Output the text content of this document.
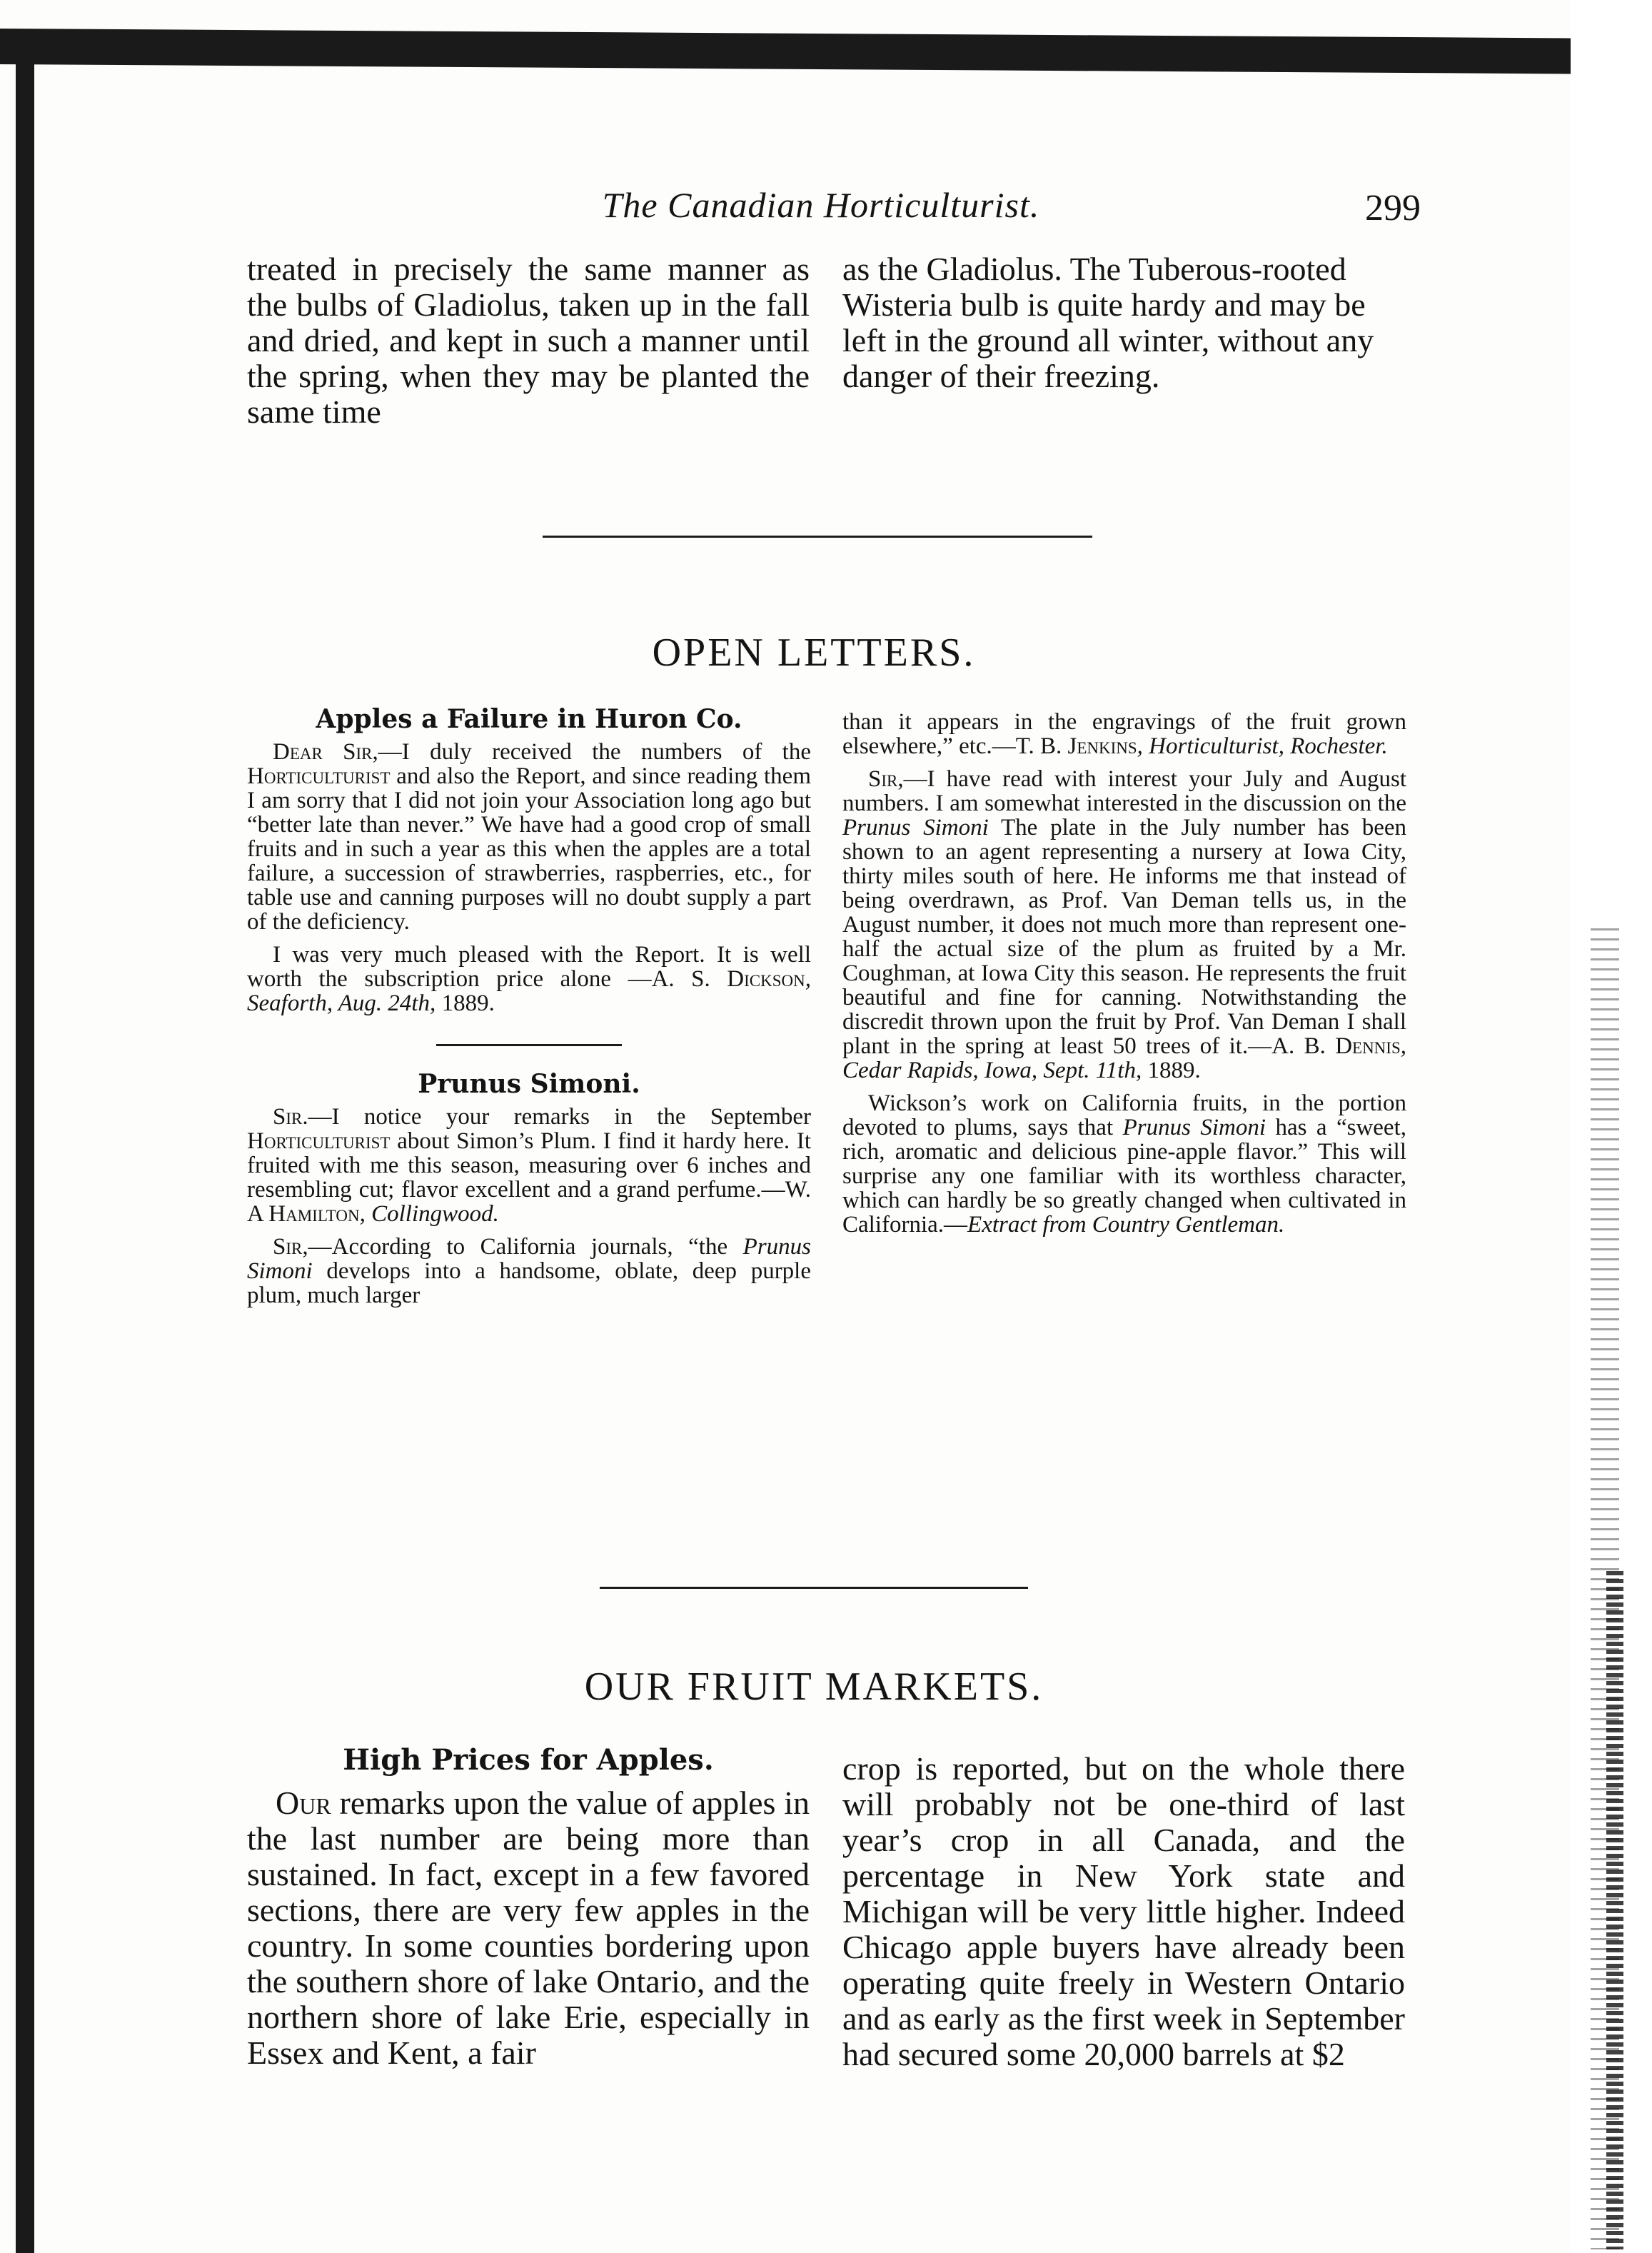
The Canadian Horticulturist.	299

treated in precisely the same manner as the bulbs of Gladiolus, taken up in the fall and dried, and kept in such a manner until the spring, when they may be planted the same time

as the Gladiolus. The Tuberous-rooted Wisteria bulb is quite hardy and may be left in the ground all winter, without any danger of their freezing.

OPEN LETTERS.

Apples a Failure in Huron Co.

Dear Sir,—I duly received the numbers of the Horticulturist and also the Report, and since reading them I am sorry that I did not join your Association long ago but “better late than never.” We have had a good crop of small fruits and in such a year as this when the apples are a total failure, a succession of strawberries, raspberries, etc., for table use and canning purposes will no doubt supply a part of the deficiency.

I was very much pleased with the Report. It is well worth the subscription price alone —A. S. Dickson, Seaforth, Aug. 24th, 1889.

Prunus Simoni.

Sir.—I notice your remarks in the September Horticulturist about Simon’s Plum. I find it hardy here. It fruited with me this season, measuring over 6 inches and resembling cut; flavor excellent and a grand perfume.—W. A Hamilton, Collingwood.

Sir,—According to California journals, “the Prunus Simoni develops into a handsome, oblate, deep purple plum, much larger

than it appears in the engravings of the fruit grown elsewhere,” etc.—T. B. Jenkins, Horticulturist, Rochester.

Sir,—I have read with interest your July and August numbers. I am somewhat interested in the discussion on the Prunus Simoni The plate in the July number has been shown to an agent representing a nursery at Iowa City, thirty miles south of here. He informs me that instead of being overdrawn, as Prof. Van Deman tells us, in the August number, it does not much more than represent one-half the actual size of the plum as fruited by a Mr. Coughman, at Iowa City this season. He represents the fruit beautiful and fine for canning. Notwithstanding the discredit thrown upon the fruit by Prof. Van Deman I shall plant in the spring at least 50 trees of it.—A. B. Dennis, Cedar Rapids, Iowa, Sept. 11th, 1889.

Wickson’s work on California fruits, in the portion devoted to plums, says that Prunus Simoni has a “sweet, rich, aromatic and delicious pine-apple flavor.” This will surprise any one familiar with its worthless character, which can hardly be so greatly changed when cultivated in California.—Extract from Country Gentleman.

OUR FRUIT MARKETS.

High Prices for Apples.

Our remarks upon the value of apples in the last number are being more than sustained. In fact, except in a few favored sections, there are very few apples in the country. In some counties bordering upon the southern shore of lake Ontario, and the northern shore of lake Erie, especially in Essex and Kent, a fair

crop is reported, but on the whole there will probably not be one-third of last year’s crop in all Canada, and the percentage in New York state and Michigan will be very little higher. Indeed Chicago apple buyers have already been operating quite freely in Western Ontario and as early as the first week in September had secured some 20,000 barrels at $2
